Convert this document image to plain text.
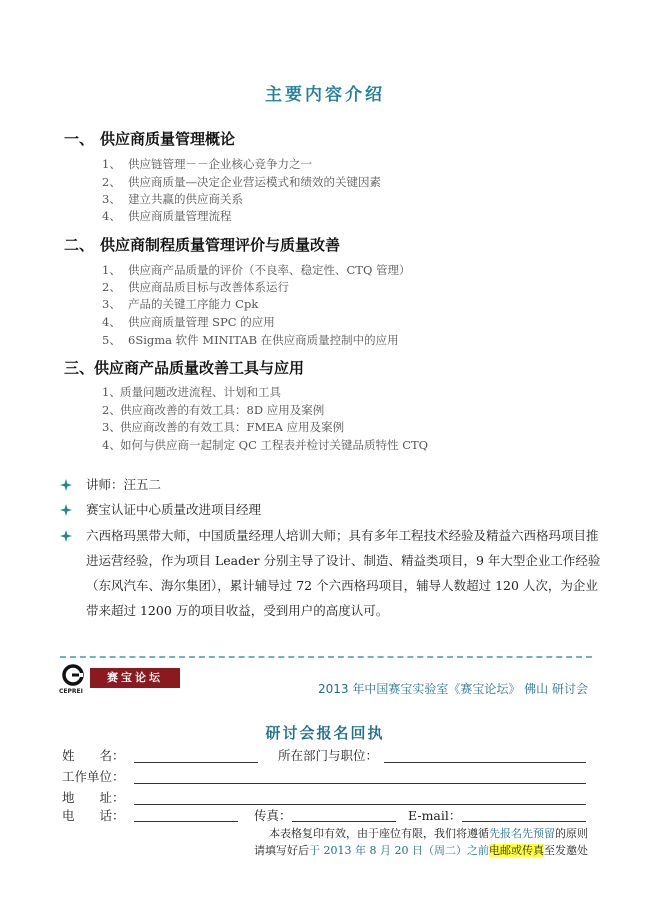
主要内容介绍
一、 供应商质量管理概论
1、 供应链管理－－企业核心竞争力之一
2、 供应商质量—决定企业营运模式和绩效的关键因素
3、 建立共赢的供应商关系
4、 供应商质量管理流程
二、 供应商制程质量管理评价与质量改善
1、 供应商产品质量的评价（不良率、稳定性、CTQ 管理）
2、 供应商品质目标与改善体系运行
3、 产品的关键工序能力 Cpk
4、 供应商质量管理 SPC 的应用
5、 6Sigma 软件 MINITAB 在供应商质量控制中的应用
三、供应商产品质量改善工具与应用
1、质量问题改进流程、计划和工具
2、供应商改善的有效工具：8D 应用及案例
3、供应商改善的有效工具：FMEA 应用及案例
4、如何与供应商一起制定 QC 工程表并检讨关键品质特性 CTQ
讲师：汪五二
赛宝认证中心质量改进项目经理
六西格玛黑带大师，中国质量经理人培训大师；具有多年工程技术经验及精益六西格玛项目推进运营经验，作为项目 Leader 分别主导了设计、制造、精益类项目，9 年大型企业工作经验（东风汽车、海尔集团），累计辅导过 72 个六西格玛项目，辅导人数超过 120 人次，为企业带来超过 1200 万的项目收益，受到用户的高度认可。
CEPREI
赛宝论坛
2013 年中国赛宝实验室《赛宝论坛》 佛山 研讨会
研讨会报名回执
姓　　名：	所在部门与职位：
工作单位：
地　　址：
电　　话：	传真：	E-mail：
本表格复印有效，由于座位有限，我们将遵循先报名先预留的原则
请填写好后于 2013 年 8 月 20 日（周二）之前电邮或传真至发邀处
